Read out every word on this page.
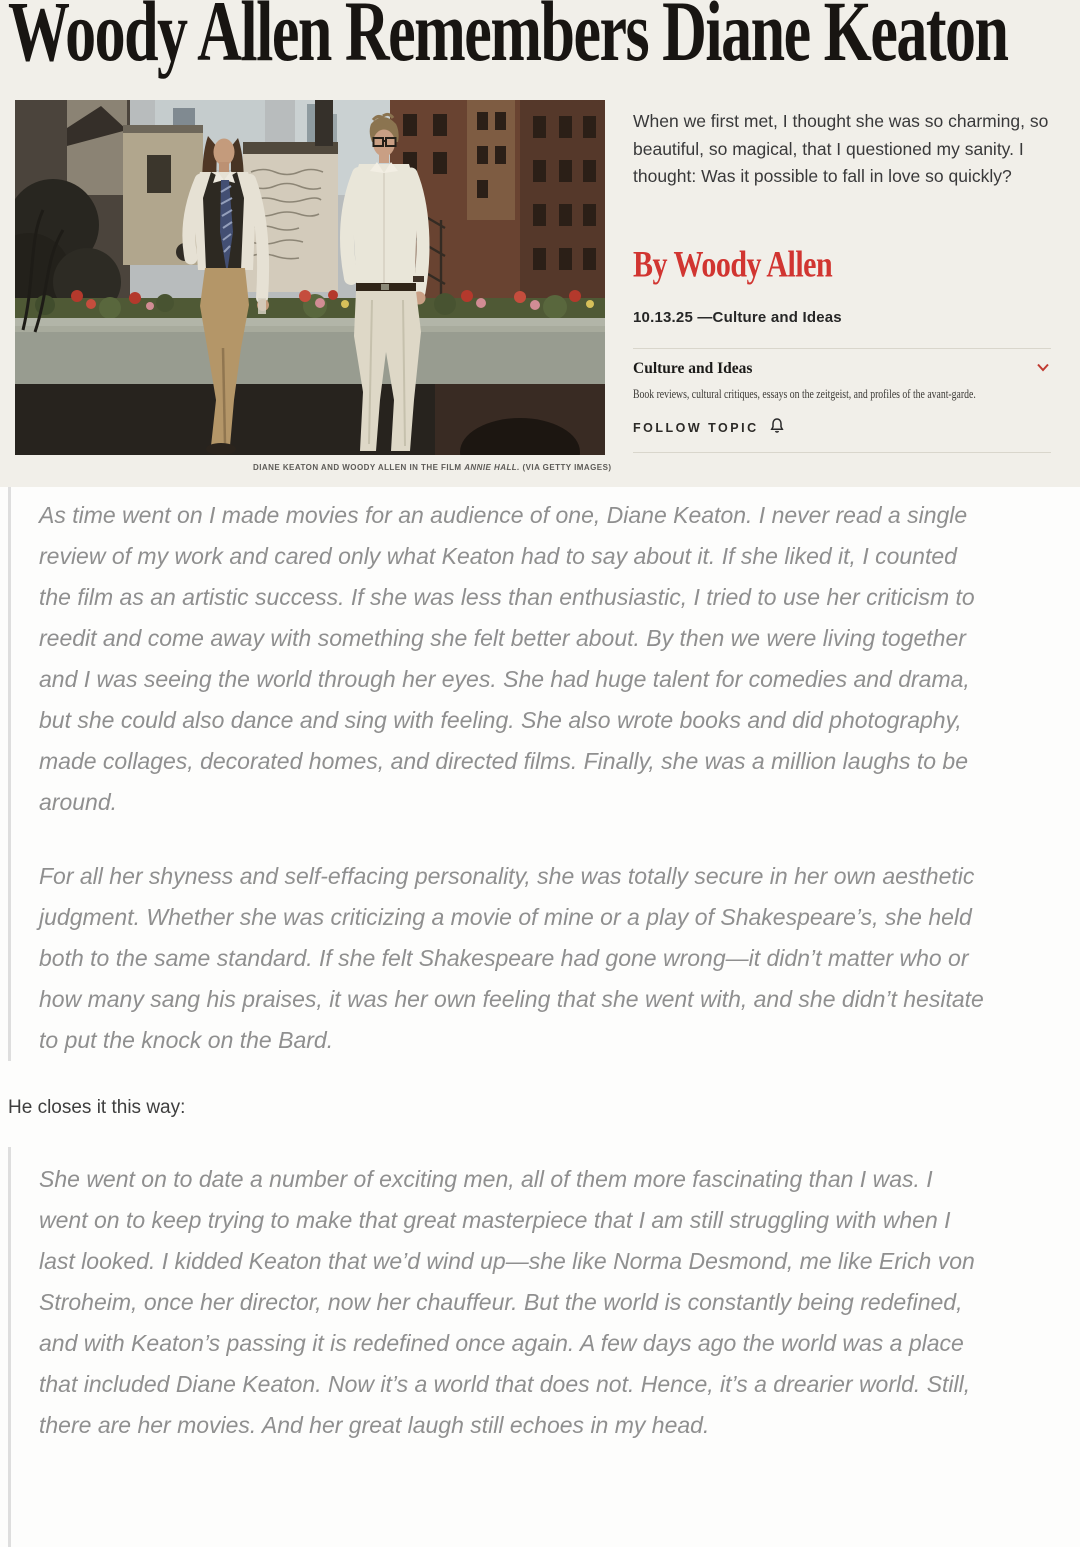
Woody Allen Remembers Diane Keaton
DIANE KEATON AND WOODY ALLEN IN THE FILM ANNIE HALL. (VIA GETTY IMAGES)

When we first met, I thought she was so charming, so beautiful, so magical, that I questioned my sanity. I thought: Was it possible to fall in love so quickly?

By Woody Allen
10.13.25 —Culture and Ideas
Culture and Ideas
Book reviews, cultural critiques, essays on the zeitgeist, and profiles of the avant-garde.
FOLLOW TOPIC

As time went on I made movies for an audience of one, Diane Keaton. I never read a single review of my work and cared only what Keaton had to say about it. If she liked it, I counted the film as an artistic success. If she was less than enthusiastic, I tried to use her criticism to reedit and come away with something she felt better about. By then we were living together and I was seeing the world through her eyes. She had huge talent for comedies and drama, but she could also dance and sing with feeling. She also wrote books and did photography, made collages, decorated homes, and directed films. Finally, she was a million laughs to be around.

For all her shyness and self-effacing personality, she was totally secure in her own aesthetic judgment. Whether she was criticizing a movie of mine or a play of Shakespeare’s, she held both to the same standard. If she felt Shakespeare had gone wrong—it didn’t matter who or how many sang his praises, it was her own feeling that she went with, and she didn’t hesitate to put the knock on the Bard.

He closes it this way:

She went on to date a number of exciting men, all of them more fascinating than I was. I went on to keep trying to make that great masterpiece that I am still struggling with when I last looked. I kidded Keaton that we’d wind up—she like Norma Desmond, me like Erich von Stroheim, once her director, now her chauffeur. But the world is constantly being redefined, and with Keaton’s passing it is redefined once again. A few days ago the world was a place that included Diane Keaton. Now it’s a world that does not. Hence, it’s a drearier world. Still, there are her movies. And her great laugh still echoes in my head.
